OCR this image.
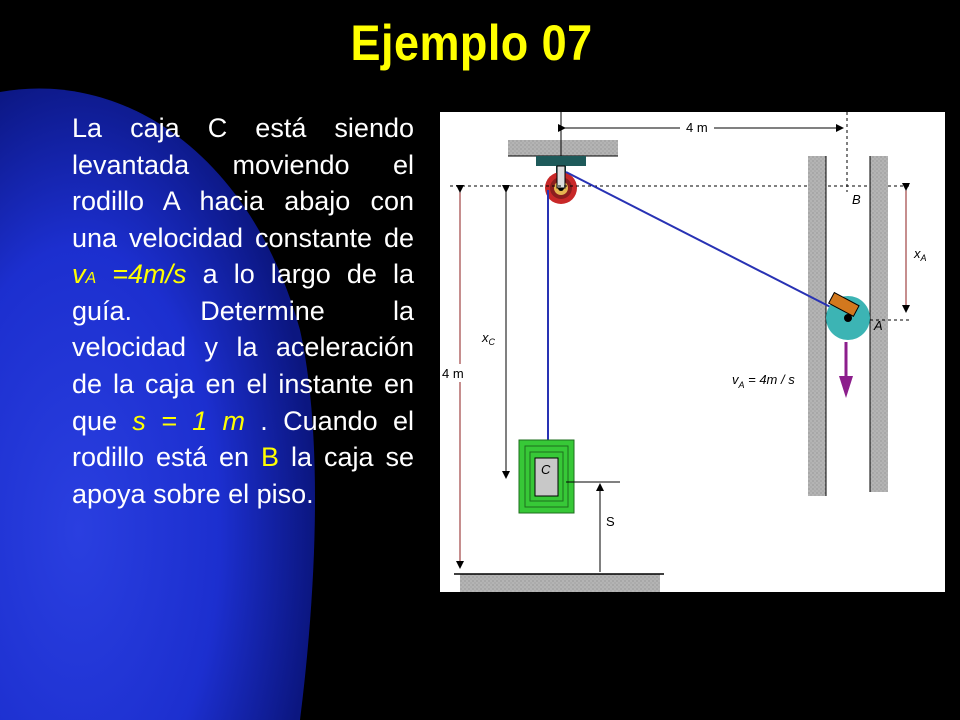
Ejemplo 07
La caja C está siendo levantada moviendo el rodillo A hacia abajo con una velocidad constante de vA =4m/s a lo largo de la guía. Determine la velocidad y la aceleración de la caja en el instante en que s = 1 m . Cuando el rodillo está en B la caja se apoya sobre el piso.
4 m
4 m
$x_C$
B
$x_A$
A
$v_A = 4m / s$
C
S
